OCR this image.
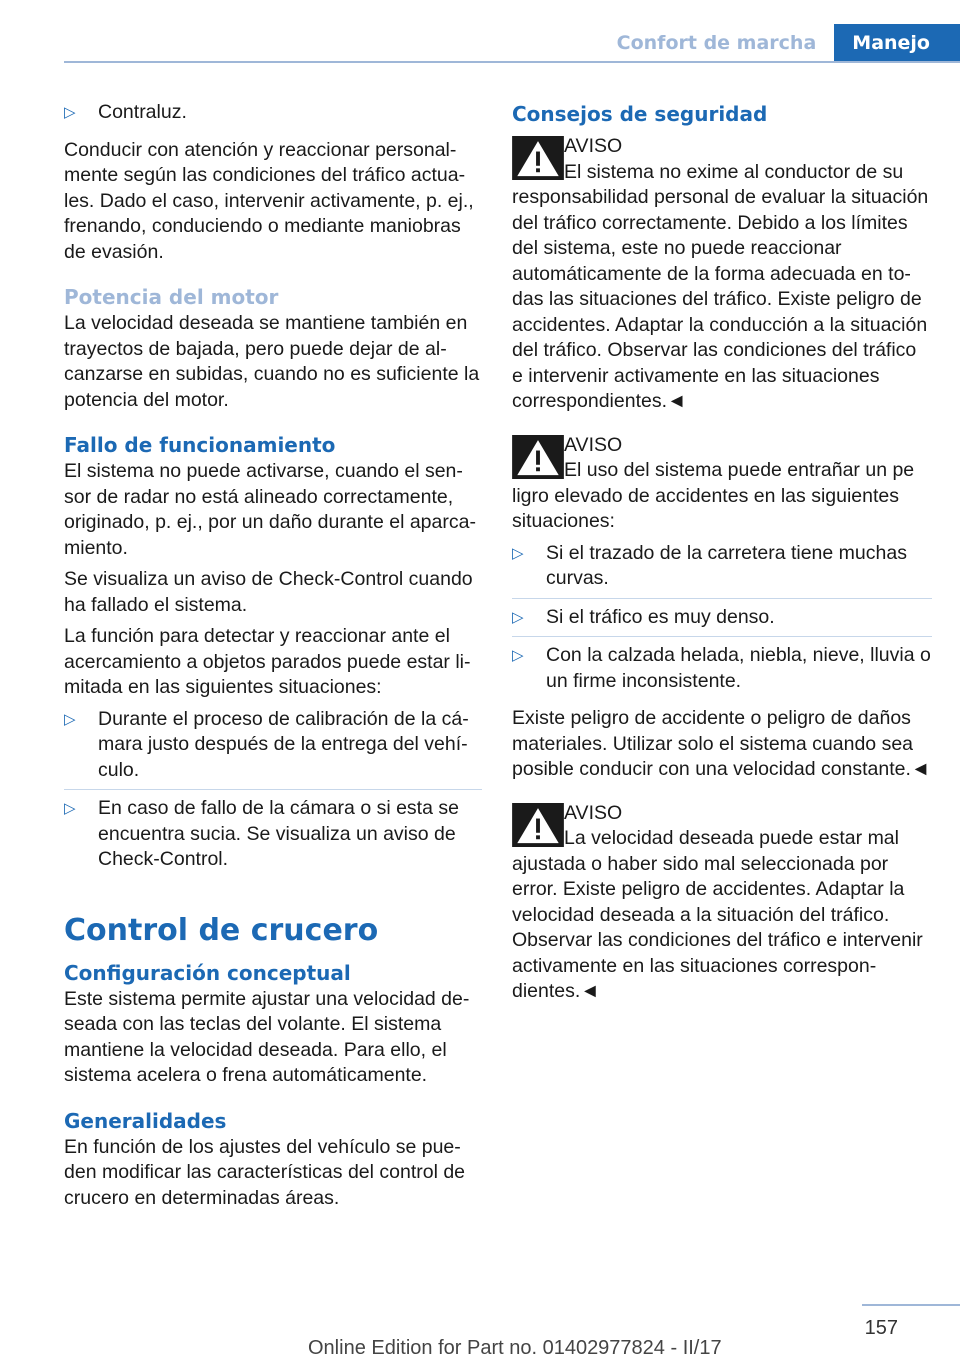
Confort de marcha	Manejo
▷	Contraluz.

Conducir con atención y reaccionar personalmente según las condiciones del tráfico actuales. Dado el caso, intervenir activamente, p. ej., frenando, conduciendo o mediante maniobras de evasión.

Potencia del motor

La velocidad deseada se mantiene también en trayectos de bajada, pero puede dejar de alcanzarse en subidas, cuando no es suficiente la potencia del motor.

Fallo de funcionamiento

El sistema no puede activarse, cuando el sensor de radar no está alineado correctamente, originado, p. ej., por un daño durante el aparcamiento.

Se visualiza un aviso de Check-Control cuando ha fallado el sistema.

La función para detectar y reaccionar ante el acercamiento a objetos parados puede estar limitada en las siguientes situaciones:

▷	Durante el proceso de calibración de la cámara justo después de la entrega del vehículo.
▷	En caso de fallo de la cámara o si esta se encuentra sucia. Se visualiza un aviso de Check-Control.
Control de crucero
Configuración conceptual

Este sistema permite ajustar una velocidad deseada con las teclas del volante. El sistema mantiene la velocidad deseada. Para ello, el sistema acelera o frena automáticamente.

Generalidades

En función de los ajustes del vehículo se pueden modificar las características del control de crucero en determinadas áreas.

Consejos de seguridad
AVISO
El sistema no exime al conductor de su

responsabilidad personal de evaluar la situación del tráfico correctamente. Debido a los límites del sistema, este no puede reaccionar automáticamente de la forma adecuada en todas las situaciones del tráfico. Existe peligro de accidentes. Adaptar la conducción a la situación del tráfico. Observar las condiciones del tráfico e intervenir activamente en las situaciones correspondientes.◄

AVISO
El uso del sistema puede entrañar un pe

ligro elevado de accidentes en las siguientes situaciones:

▷	Si el trazado de la carretera tiene muchas curvas.
▷	Si el tráfico es muy denso.
▷	Con la calzada helada, niebla, nieve, lluvia o un firme inconsistente.

Existe peligro de accidente o peligro de daños materiales. Utilizar solo el sistema cuando sea posible conducir con una velocidad constante.◄

AVISO
La velocidad deseada puede estar mal

ajustada o haber sido mal seleccionada por error. Existe peligro de accidentes. Adaptar la velocidad deseada a la situación del tráfico. Observar las condiciones del tráfico e intervenir activamente en las situaciones correspondientes.◄

157
Online Edition for Part no. 01402977824 - II/17
